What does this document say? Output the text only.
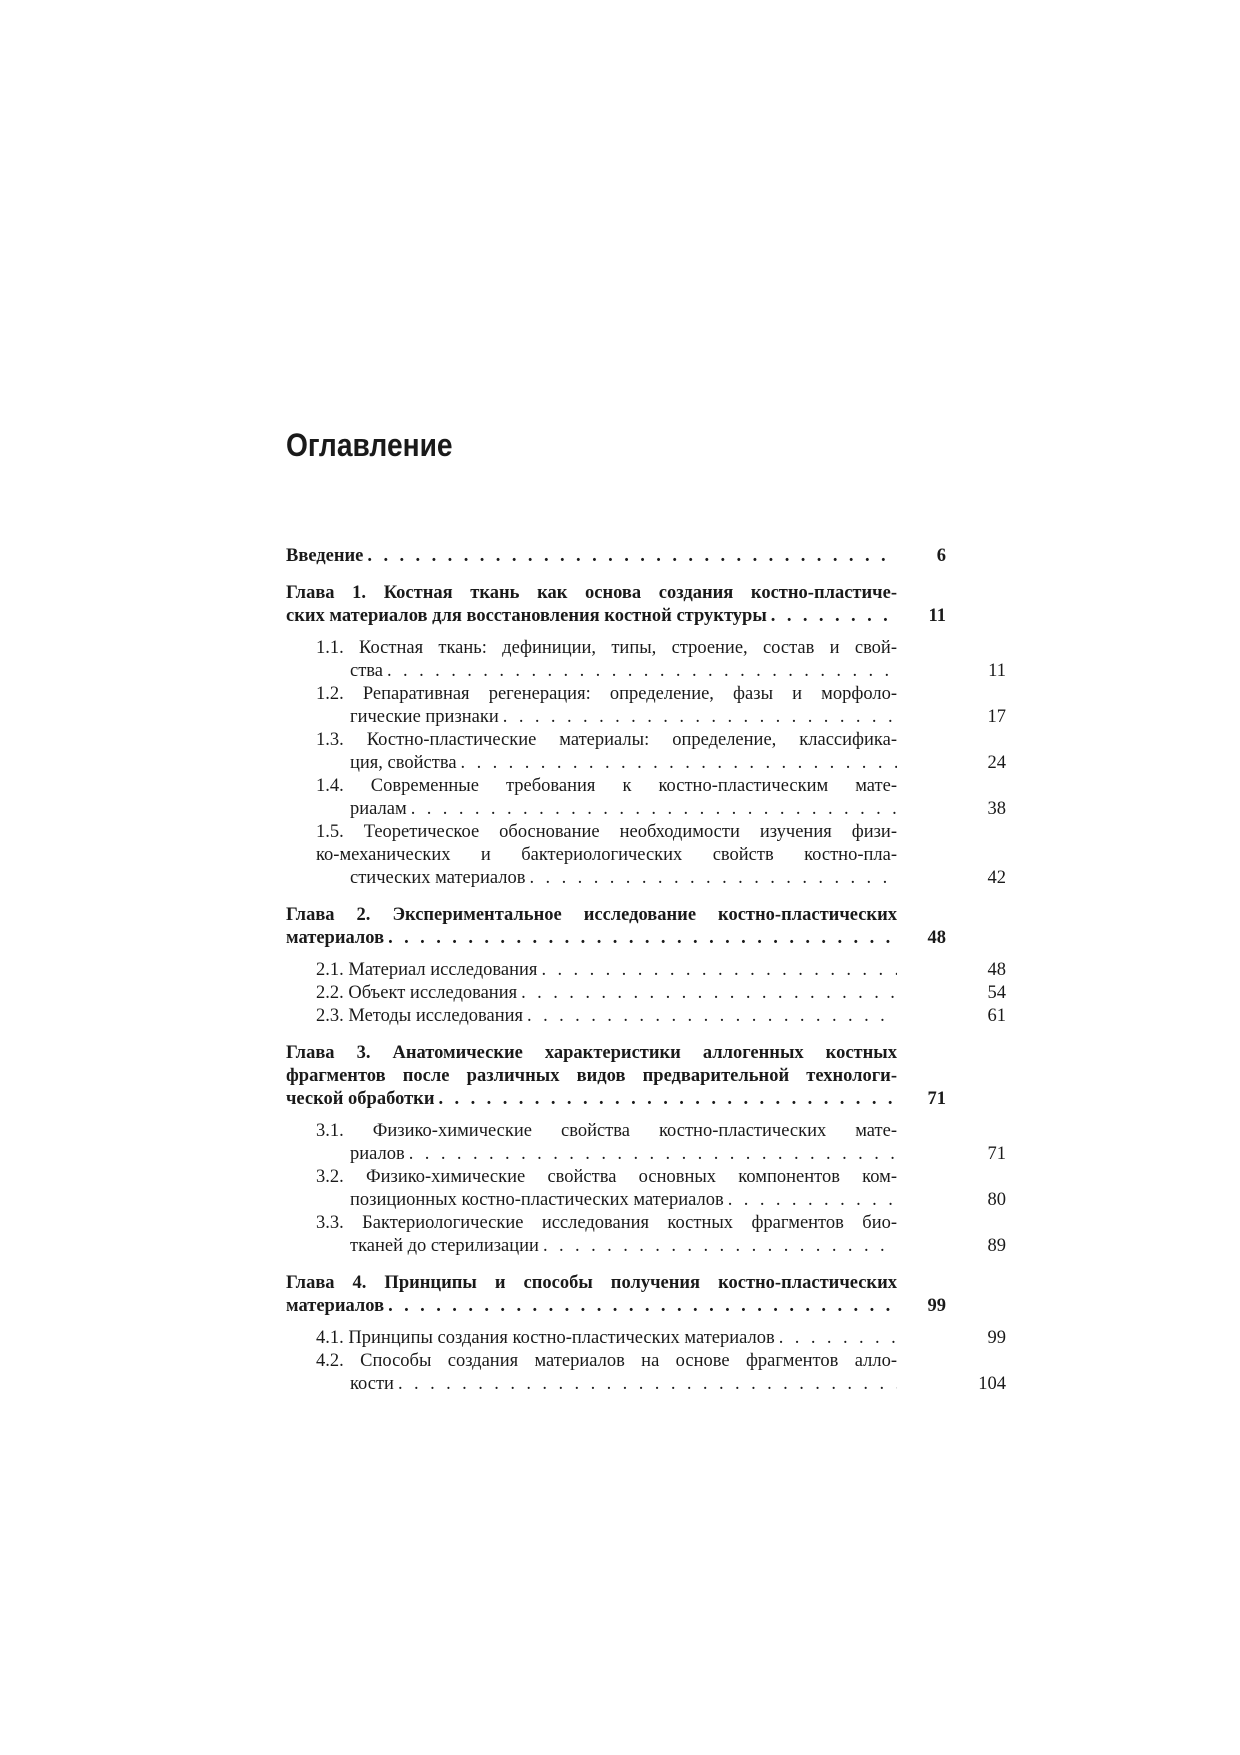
Оглавление
Введение . . .	6
Глава 1. Костная ткань как основа создания костно-пластиче-
ских материалов для восстановления костной структуры . . .	11
1.1. Костная ткань: дефиниции, типы, строение, состав и свой-
ства . . .	11
1.2. Репаративная регенерация: определение, фазы и морфоло-
гические признаки . . .	17
1.3. Костно-пластические материалы: определение, классифика-
ция, свойства . . .	24
1.4. Современные требования к костно-пластическим мате-
риалам . . .	38
1.5. Теоретическое обоснование необходимости изучения физи-
ко-механических и бактериологических свойств костно-пла-
стических материалов . . .	42
Глава 2. Экспериментальное исследование костно-пластических
материалов . . .	48
2.1. Материал исследования . . .	48
2.2. Объект исследования . . .	54
2.3. Методы исследования . . .	61
Глава 3. Анатомические характеристики аллогенных костных
фрагментов после различных видов предварительной технологи-
ческой обработки . . .	71
3.1. Физико-химические свойства костно-пластических мате-
риалов . . .	71
3.2. Физико-химические свойства основных компонентов ком-
позиционных костно-пластических материалов . . .	80
3.3. Бактериологические исследования костных фрагментов био-
тканей до стерилизации . . .	89
Глава 4. Принципы и способы получения костно-пластических
материалов . . .	99
4.1. Принципы создания костно-пластических материалов . . .	99
4.2. Способы создания материалов на основе фрагментов алло-
кости . . .	104
